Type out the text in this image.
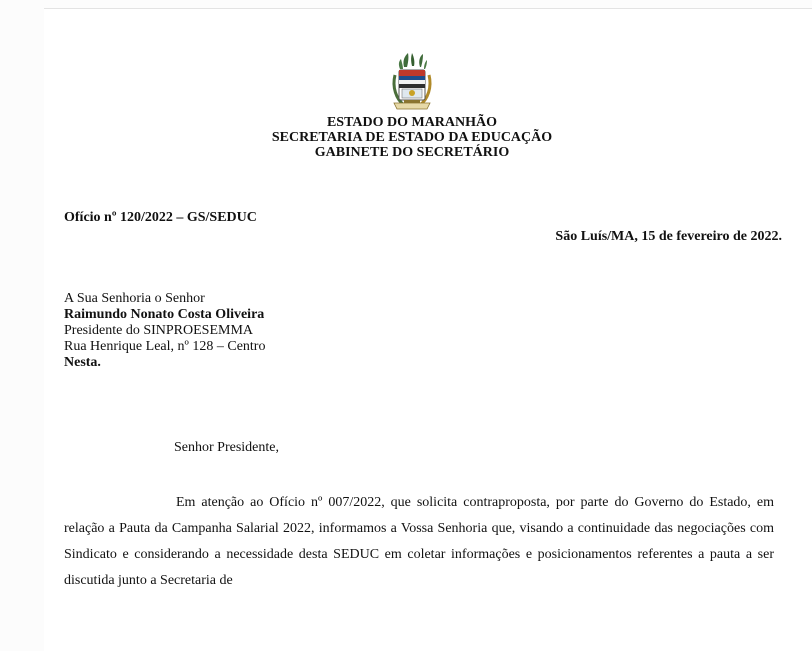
ESTADO DO MARANHÃO
SECRETARIA DE ESTADO DA EDUCAÇÃO
GABINETE DO SECRETÁRIO
Ofício nº 120/2022 – GS/SEDUC
São Luís/MA, 15 de fevereiro de 2022.
A Sua Senhoria o Senhor
Raimundo Nonato Costa Oliveira
Presidente do SINPROESEMMA
Rua Henrique Leal, nº 128 – Centro
Nesta.
Senhor Presidente,
Em atenção ao Ofício nº 007/2022, que solicita contraproposta, por parte do Governo do Estado, em relação a Pauta da Campanha Salarial 2022, informamos a Vossa Senhoria que, visando a continuidade das negociações com Sindicato e considerando a necessidade desta SEDUC em coletar informações e posicionamentos referentes a pauta a ser discutida junto a Secretaria de
